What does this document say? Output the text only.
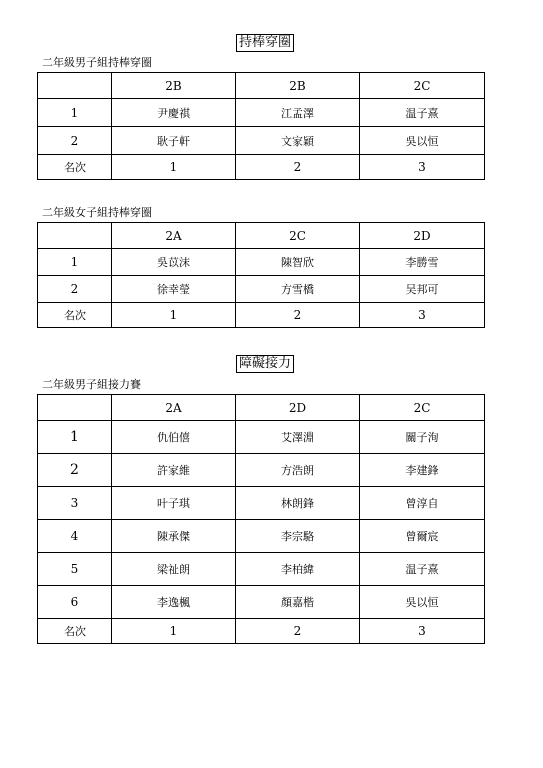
持棒穿圈
二年級男子組持棒穿圈
	2B	2B	2C
1	尹慶祺	江孟澤	温子熹
2	耿子軒	文家穎	吳以恒
名次	1	2	3
二年級女子組持棒穿圈
	2A	2C	2D
1	吳苡沫	陳智欣	李勝雪
2	徐幸瑩	方雪橋	吴邦可
名次	1	2	3
障礙接力
二年級男子組接力賽
	2A	2D	2C
1	仇伯僖	艾澤淵	關子洵
2	許家維	方浩朗	李建鋒
3	叶子琪	林朗鋒	曾淳自
4	陳承傑	李宗駱	曾爾宸
5	梁祉朗	李柏緯	温子熹
6	李逸楓	顏嘉楷	吳以恒
名次	1	2	3
